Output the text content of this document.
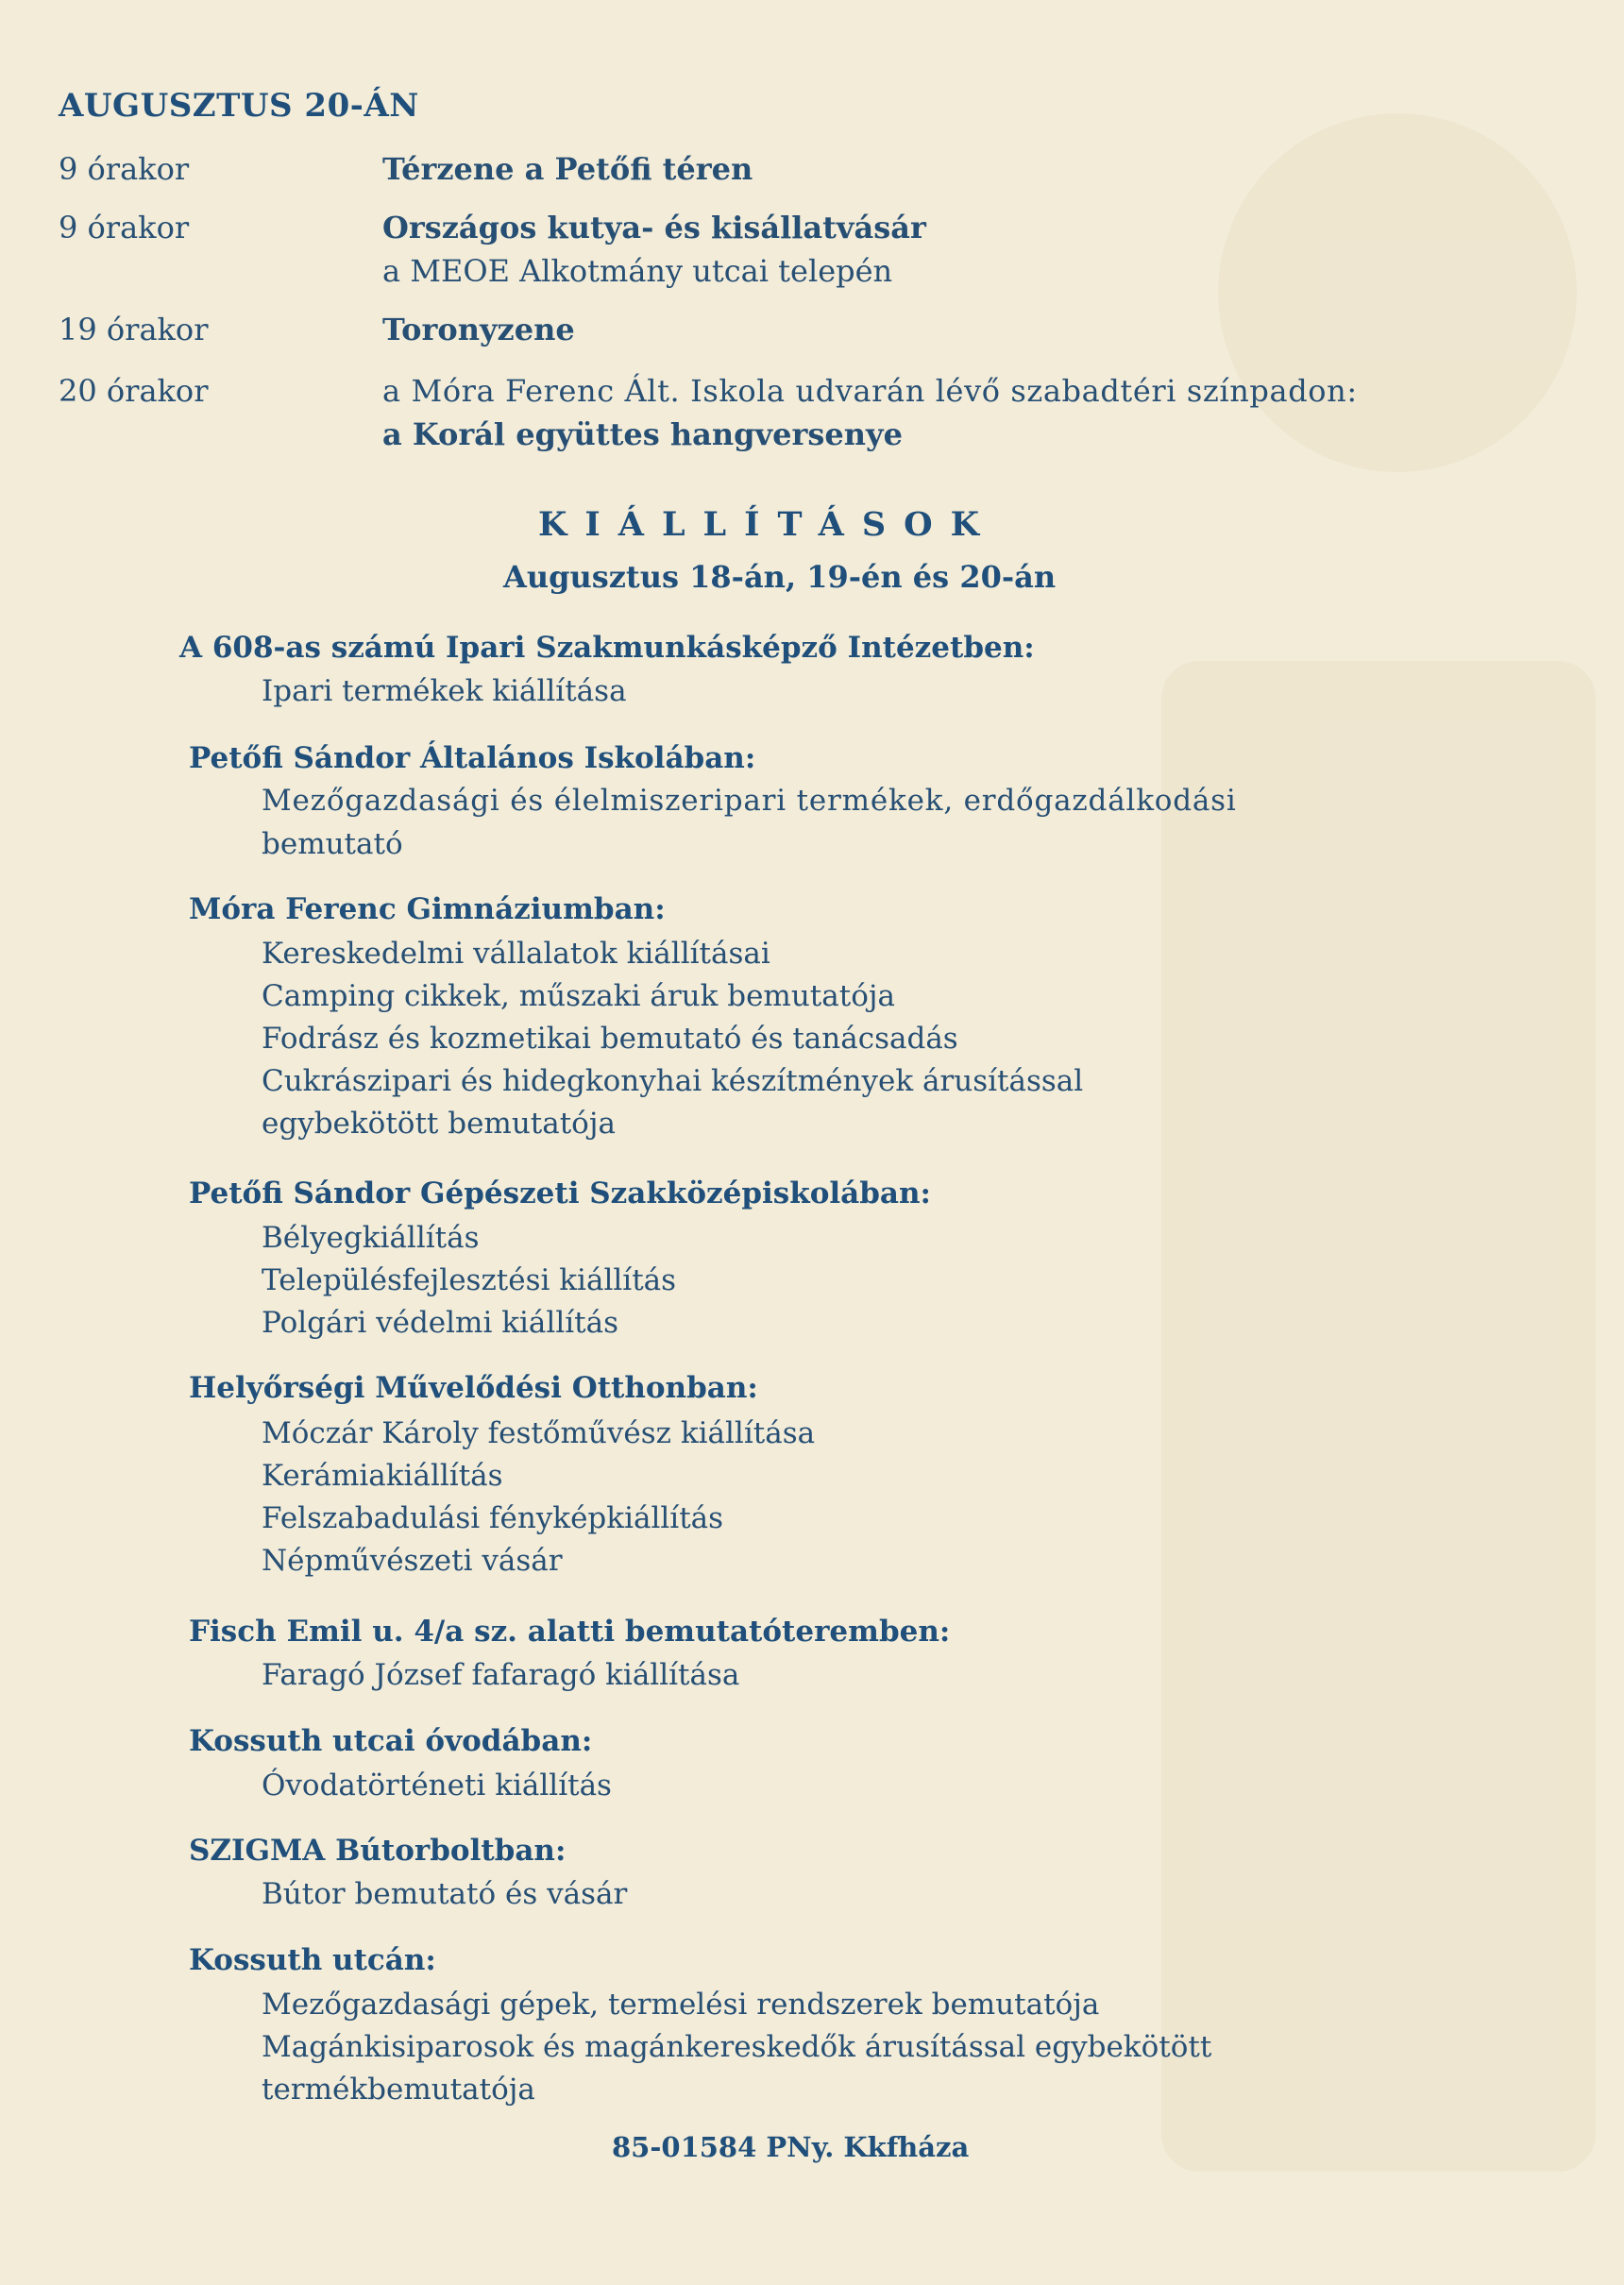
AUGUSZTUS 20-ÁN
9 órakor	Térzene a Petőfi téren
9 órakor	Országos kutya- és kisállatvásár
a MEOE Alkotmány utcai telepén
19 órakor	Toronyzene
20 órakor	a Móra Ferenc Ált. Iskola udvarán lévő szabadtéri színpadon:
a Korál együttes hangversenye
KIÁLLÍTÁSOK
Augusztus 18-án, 19-én és 20-án
A 608-as számú Ipari Szakmunkásképző Intézetben:
Ipari termékek kiállítása
Petőfi Sándor Általános Iskolában:
Mezőgazdasági és élelmiszeripari termékek, erdőgazdálkodási
bemutató
Móra Ferenc Gimnáziumban:
Kereskedelmi vállalatok kiállításai
Camping cikkek, műszaki áruk bemutatója
Fodrász és kozmetikai bemutató és tanácsadás
Cukrászipari és hidegkonyhai készítmények árusítással
egybekötött bemutatója
Petőfi Sándor Gépészeti Szakközépiskolában:
Bélyegkiállítás
Településfejlesztési kiállítás
Polgári védelmi kiállítás
Helyőrségi Művelődési Otthonban:
Móczár Károly festőművész kiállítása
Kerámiakiállítás
Felszabadulási fényképkiállítás
Népművészeti vásár
Fisch Emil u. 4/a sz. alatti bemutatóteremben:
Faragó József fafaragó kiállítása
Kossuth utcai óvodában:
Óvodatörténeti kiállítás
SZIGMA Bútorboltban:
Bútor bemutató és vásár
Kossuth utcán:
Mezőgazdasági gépek, termelési rendszerek bemutatója
Magánkisiparosok és magánkereskedők árusítással egybekötött
termékbemutatója
85-01584 PNy. Kkfháza
